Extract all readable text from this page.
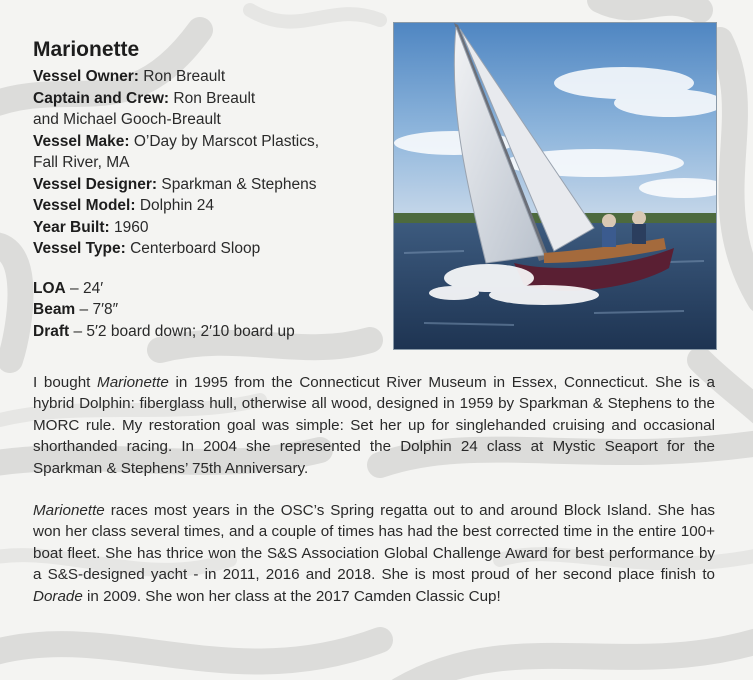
Marionette

Vessel Owner: Ron Breault

Captain and Crew: Ron Breault

and Michael Gooch-Breault

Vessel Make: O’Day by Marscot Plastics,

Fall River, MA

Vessel Designer: Sparkman & Stephens

Vessel Model: Dolphin 24

Year Built: 1960

Vessel Type: Centerboard Sloop

LOA – 24′

Beam – 7′8″

Draft – 5′2 board down; 2′10 board up

I bought Marionette in 1995 from the Connecticut River Museum in Essex, Connecticut. She is a hybrid Dolphin: fiberglass hull, otherwise all wood, designed in 1959 by Sparkman & Stephens to the MORC rule. My restoration goal was simple: Set her up for singlehanded cruising and occasional shorthanded racing. In 2004 she represented the Dolphin 24 class at Mystic Seaport for the Sparkman & Stephens’ 75th Anniversary.

Marionette races most years in the OSC’s Spring regatta out to and around Block Island. She has won her class several times, and a couple of times has had the best corrected time in the entire 100+ boat fleet. She has thrice won the S&S Association Global Challenge Award for best performance by a S&S-designed yacht - in 2011, 2016 and 2018. She is most proud of her second place finish to Dorade in 2009. She won her class at the 2017 Camden Classic Cup!
